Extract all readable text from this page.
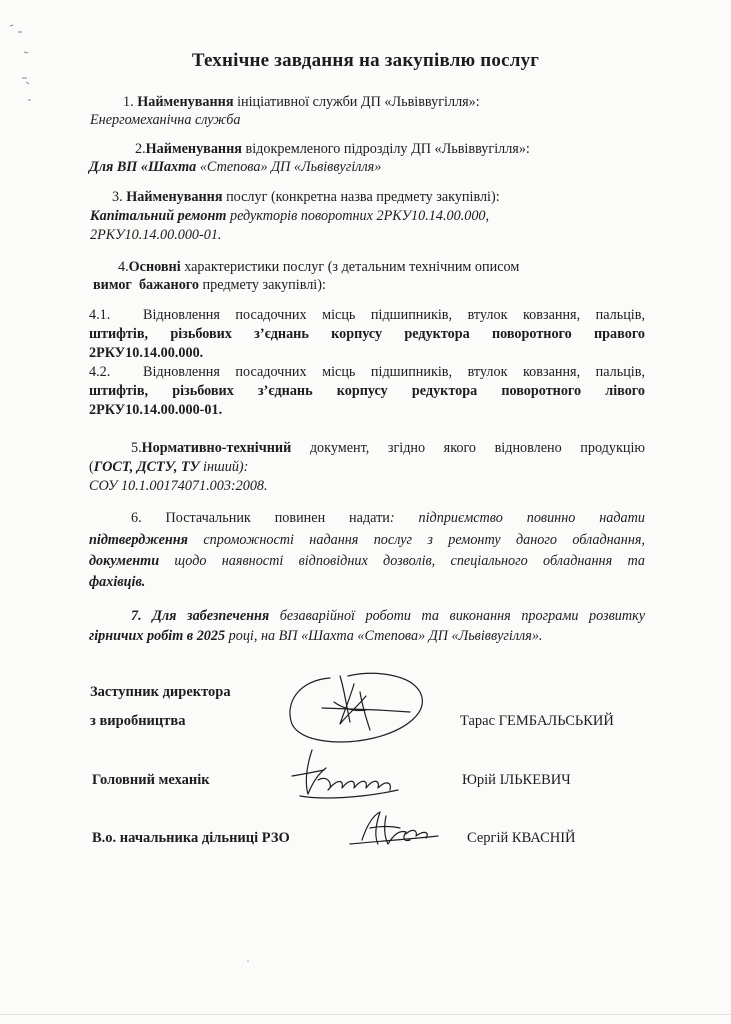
Технічне завдання на закупівлю послуг
1. Найменування ініціативної служби ДП «Львіввугілля»:
Енергомеханічна служба
2.Найменування відокремленого підрозділу ДП «Львіввугілля»:
Для ВП «Шахта «Степова» ДП «Львіввугілля»
3. Найменування послуг (конкретна назва предмету закупівлі):
Капітальний ремонт редукторів поворотних 2РКУ10.14.00.000,
2РКУ10.14.00.000-01.
4.Основні характеристики послуг (з детальним технічним описом
вимог бажаного предмету закупівлі):
4.1. Відновлення посадочних місць підшипників, втулок ковзання, пальців,
штифтів, різьбових з’єднань корпусу редуктора поворотного правого
2РКУ10.14.00.000.
4.2. Відновлення посадочних місць підшипників, втулок ковзання, пальців,
штифтів, різьбових з’єднань корпусу редуктора поворотного лівого
2РКУ10.14.00.000-01.
5.Нормативно-технічний документ, згідно якого відновлено продукцію
(ГОСТ, ДСТУ, ТУ інший):
СОУ 10.1.00174071.003:2008.
6. Постачальник повинен надати: підприємство повинно надати
підтвердження спроможності надання послуг з ремонту даного обладнання,
документи щодо наявності відповідних дозволів, спеціального обладнання та
фахівців.
7. Для забезпечення безаварійної роботи та виконання програми розвитку
гірничих робіт в 2025 році, на ВП «Шахта «Степова» ДП «Львіввугілля».
Заступник директора
з виробництва	Тарас ГЕМБАЛЬСЬКИЙ
Головний механік	Юрій ІЛЬКЕВИЧ
В.о. начальника дільниці РЗО	Сергій КВАСНІЙ
